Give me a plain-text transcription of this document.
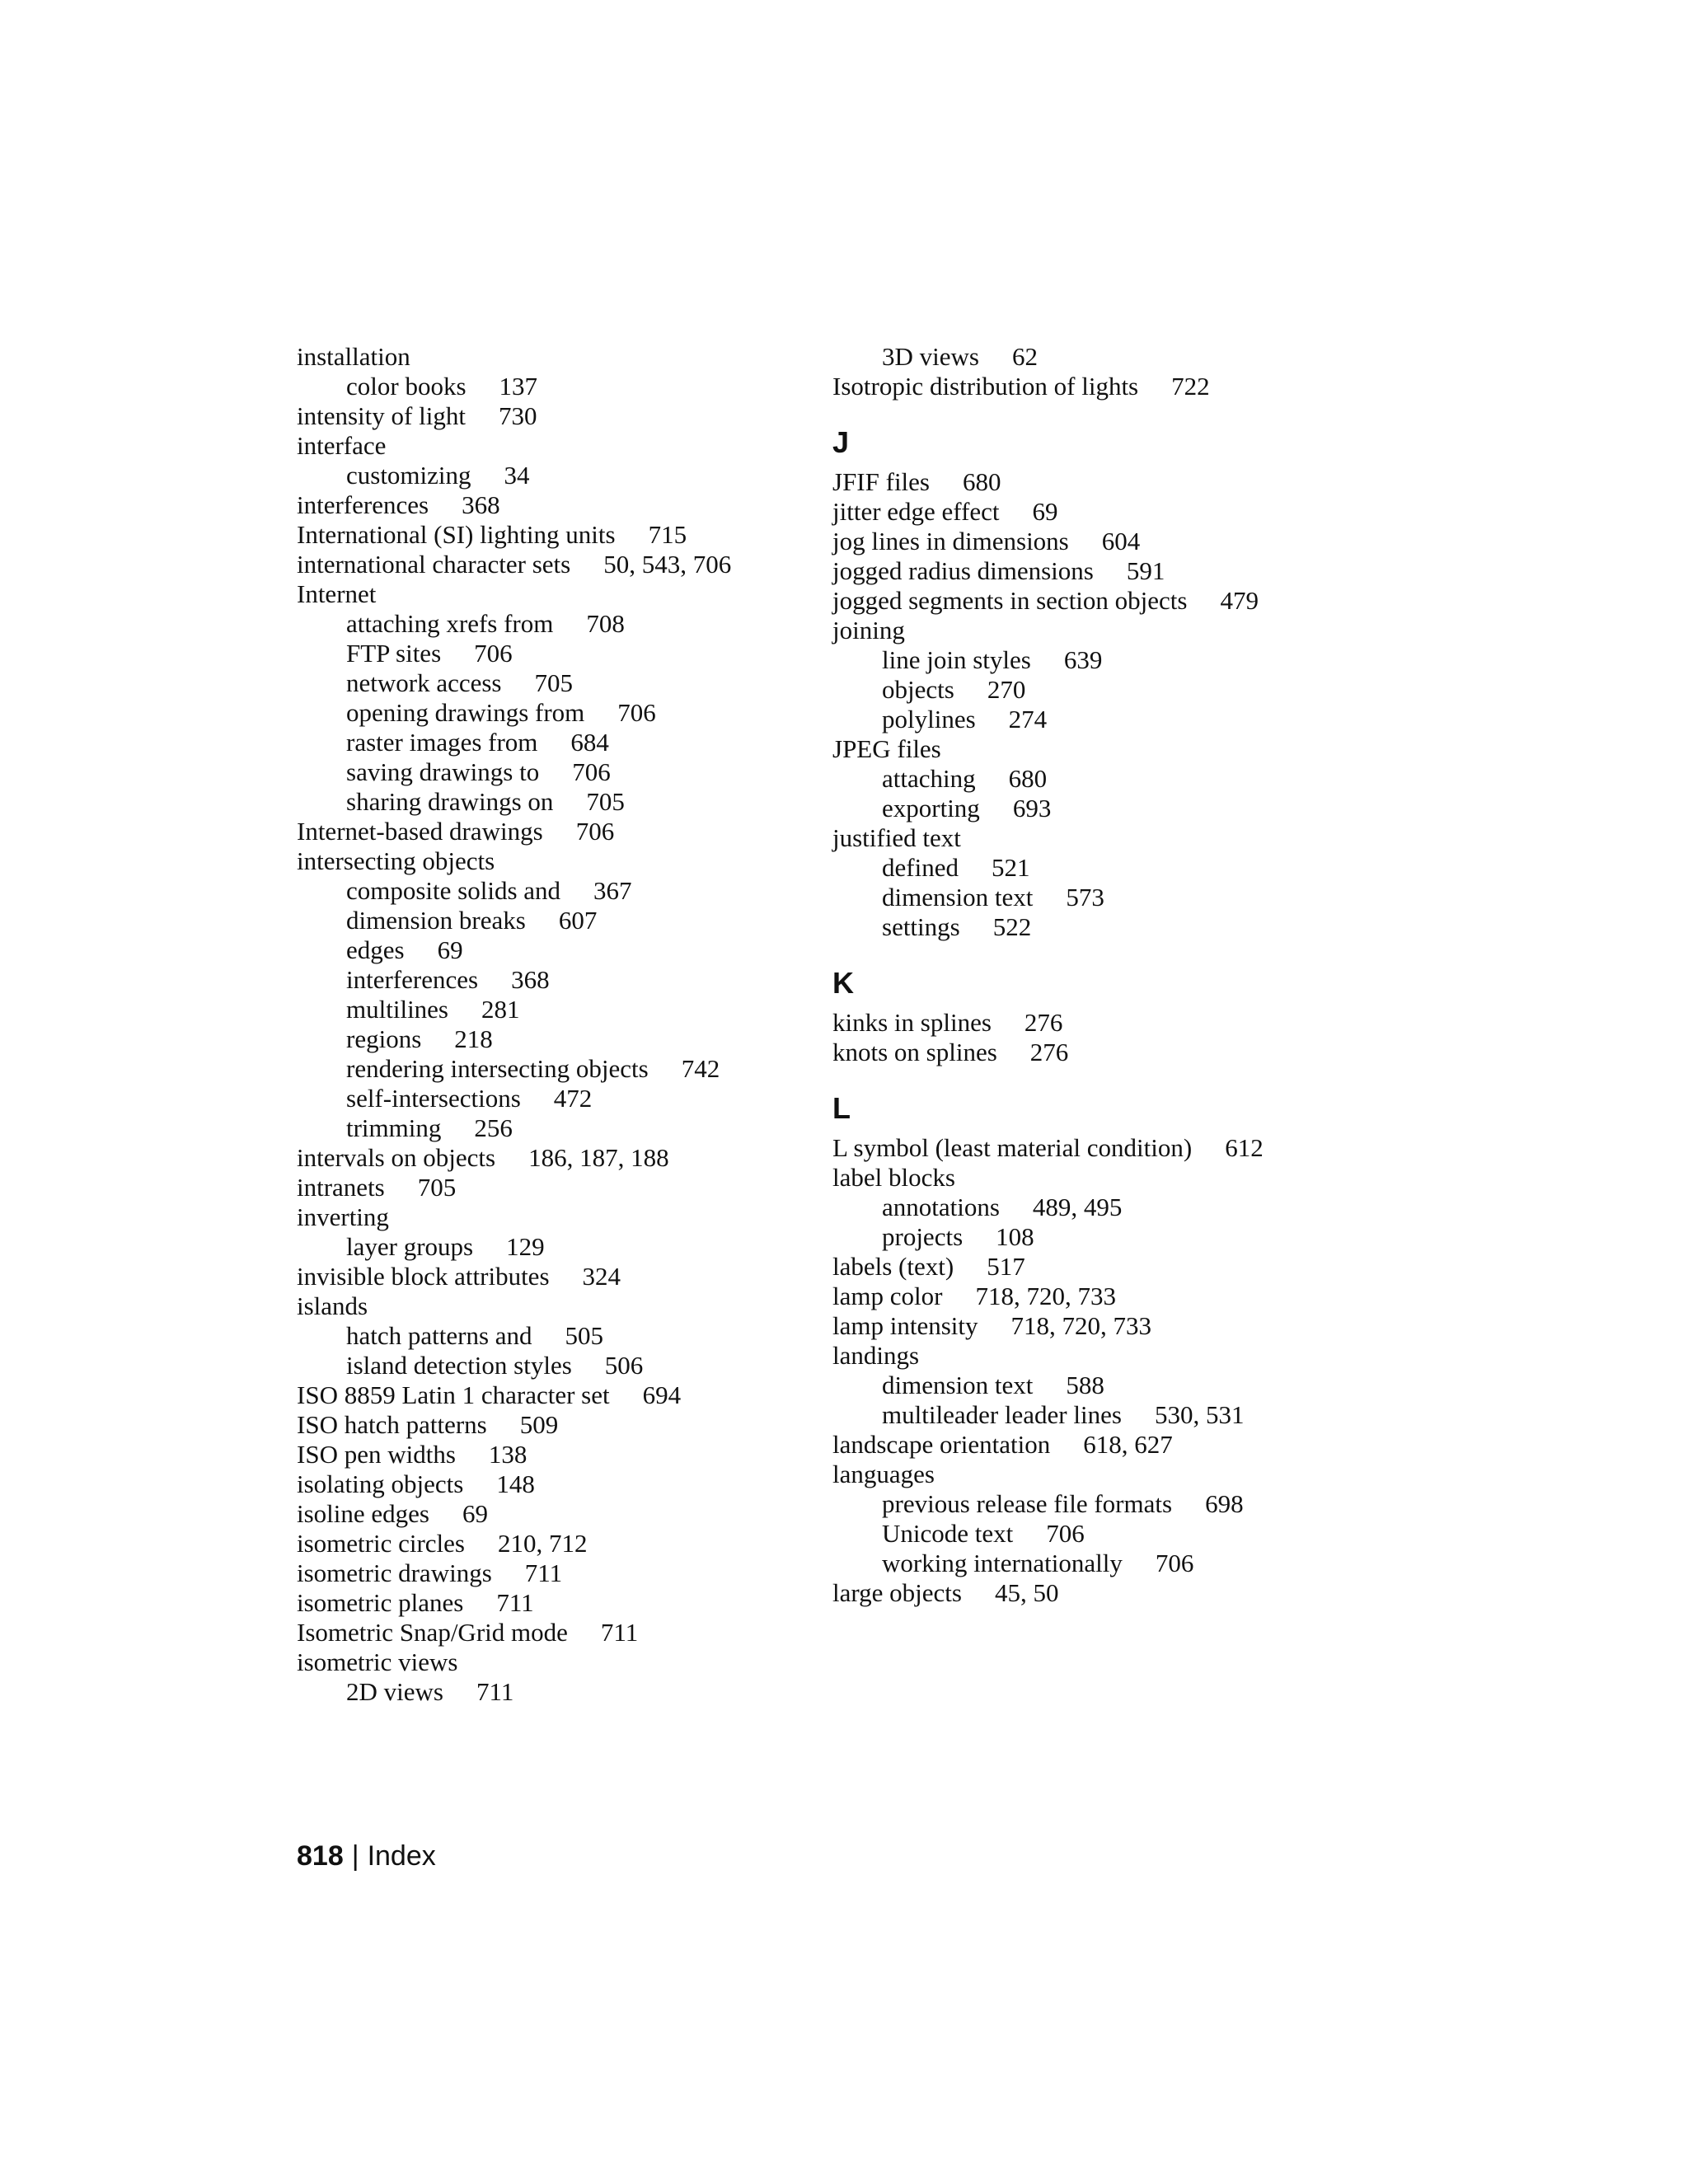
installation
color books 137
intensity of light 730
interface
customizing 34
interferences 368
International (SI) lighting units 715
international character sets 50, 543, 706
Internet
attaching xrefs from 708
FTP sites 706
network access 705
opening drawings from 706
raster images from 684
saving drawings to 706
sharing drawings on 705
Internet-based drawings 706
intersecting objects
composite solids and 367
dimension breaks 607
edges 69
interferences 368
multilines 281
regions 218
rendering intersecting objects 742
self-intersections 472
trimming 256
intervals on objects 186, 187, 188
intranets 705
inverting
layer groups 129
invisible block attributes 324
islands
hatch patterns and 505
island detection styles 506
ISO 8859 Latin 1 character set 694
ISO hatch patterns 509
ISO pen widths 138
isolating objects 148
isoline edges 69
isometric circles 210, 712
isometric drawings 711
isometric planes 711
Isometric Snap/Grid mode 711
isometric views
2D views 711
3D views 62
Isotropic distribution of lights 722
J
JFIF files 680
jitter edge effect 69
jog lines in dimensions 604
jogged radius dimensions 591
jogged segments in section objects 479
joining
line join styles 639
objects 270
polylines 274
JPEG files
attaching 680
exporting 693
justified text
defined 521
dimension text 573
settings 522
K
kinks in splines 276
knots on splines 276
L
L symbol (least material condition) 612
label blocks
annotations 489, 495
projects 108
labels (text) 517
lamp color 718, 720, 733
lamp intensity 718, 720, 733
landings
dimension text 588
multileader leader lines 530, 531
landscape orientation 618, 627
languages
previous release file formats 698
Unicode text 706
working internationally 706
large objects 45, 50
818 | Index
